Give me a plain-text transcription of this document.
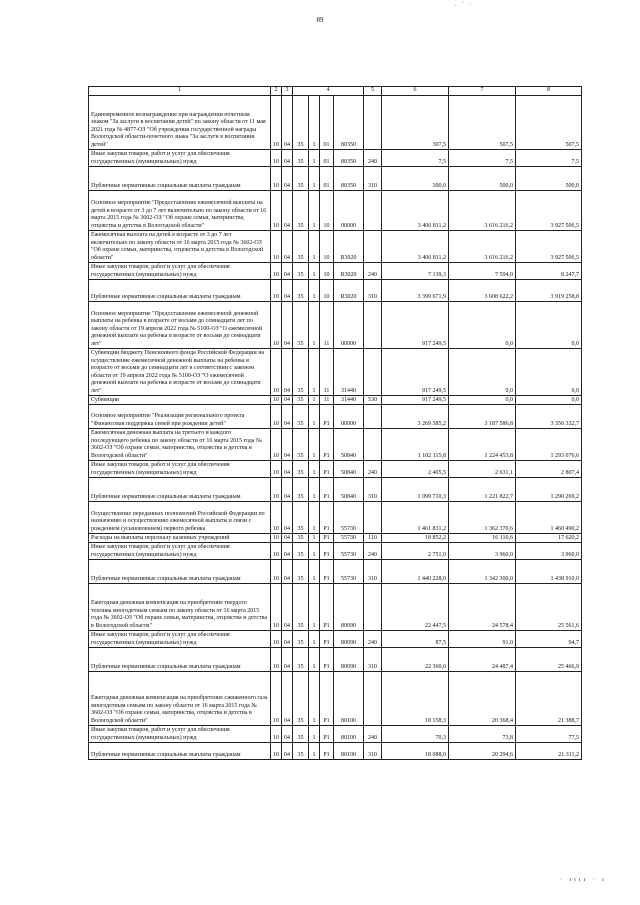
. ` ·
89
·
1	2	3	4				5	6	7	8
Единовременное вознаграждение при награждении почетным знаком "За заслуги в воспитании детей" по закону области от 11 мая 2021 года № 4877-ОЗ "Об учреждении государственной награды Вологодской области-почетного знака "За заслуги в воспитании детей"	10	04	35	1	01	80350		307,5	507,5	507,5
Иные закупки товаров, работ и услуг для обеспечения государственных (муниципальных) нужд	10	04	35	1	01	80350	240	7,5	7,5	7,5
Публичные нормативные социальные выплаты гражданам	10	04	35	1	01	80350	310	300,0	500,0	500,0
Основное мероприятие "Предоставление ежемесячной выплаты на детей в возрасте от 3 до 7 лет включительно по закону области от 16 марта 2015 года № 3602-ОЗ "Об охране семьи, материнства, отцовства и детства в Вологодской области"	10	04	35	1	10	00000		3 406 811,2	3 616 216,2	3 927 506,5
Ежемесячная выплата на детей в возрасте от 3 до 7 лет включительно по закону области от 16 марта 2015 года № 3602-ОЗ "Об охране семьи, материнства, отцовства и детства в Вологодской области"	10	04	35	1	10	R3020		3 406 811,2	3 616 216,2	3 927 506,5
Иные закупки товаров, работ и услуг для обеспечения государственных (муниципальных) нужд	10	04	35	1	10	R3020	240	7 139,3	7 594,0	8 247,7
Публичные нормативные социальные выплаты гражданам	10	04	35	1	10	R3020	310	3 399 671,9	3 608 622,2	3 919 258,8
Основное мероприятие "Предоставление ежемесячной денежной выплаты на ребенка в возрасте от восьми до семнадцати лет по закону области от 19 апреля 2022 года № 5100-ОЗ "О ежемесячной денежной выплате на ребенка в возрасте от восьми до семнадцати лет"	10	04	35	1	11	00000		917 249,5	0,0	0,0
Субвенции бюджету Пенсионного фонда Российской Федерации на осуществление ежемесячной денежной выплаты на ребенка в возрасте от восьми до семнадцати лет в соответствии с законом области от 19 апреля 2022 года № 5100-ОЗ "О ежемесячной денежной выплате на ребенка в возрасте от восьми до семнадцати лет"	10	04	35	1	11	31440		917 249,5	0,0	0,0
Субвенции	10	04	35	1	11	31440	530	917 249,5	0,0	0,0
Основное мероприятие "Реализация регионального проекта "Финансовая поддержка семей при рождении детей"	10	04	35	1	P1	00000		3 269 385,2	3 187 586,8	3 356 332,7
Ежемесячная денежная выплата на третьего и каждого последующего ребенка по закону области от 16 марта 2015 года № 3602-ОЗ "Об охране семьи, материнства, отцовства и детства в Вологодской области"	10	04	35	1	P1	50840		1 102 115,8	1 224 453,8	1 293 076,6
Иные закупки товаров, работ и услуг для обеспечения государственных (муниципальных) нужд	10	04	35	1	P1	50840	240	2 405,5	2 631,1	2 807,4
Публичные нормативные социальные выплаты гражданам	10	04	35	1	P1	50840	310	1 099 710,3	1 221 822,7	1 290 269,2
Осуществление переданных полномочий Российской Федерации по назначению и осуществлению ежемесячной выплаты в связи с рождением (усыновлением) первого ребенка	10	04	35	1	P1	55730		1 461 831,2	1 362 370,6	1 460 490,2
Расходы на выплаты персоналу казенных учреждений	10	04	35	1	P1	55730	110	18 852,2	16 110,6	17 620,2
Иные закупки товаров, работ и услуг для обеспечения государственных (муниципальных) нужд	10	04	35	1	P1	55730	240	2 751,0	3 960,0	3 960,0
Публичные нормативные социальные выплаты гражданам	10	04	35	1	P1	55730	310	1 440 228,0	1 342 300,0	1 438 910,0
Ежегодная денежная компенсация на приобретение твердого топлива многодетным семьям по закону области от 16 марта 2015 года № 3602-ОЗ "Об охране семьи, материнства, отцовства и детства в Вологодской области"	10	04	35	1	P1	80090		22 447,5	24 578,4	25 561,6
Иные закупки товаров, работ и услуг для обеспечения государственных (муниципальных) нужд	10	04	35	1	P1	80090	240	87,5	91,0	94,7
Публичные нормативные социальные выплаты гражданам	10	04	35	1	P1	80090	310	22 360,0	24 487,4	25 466,9
Ежегодная денежная компенсация на приобретение сжиженного газа многодетным семьям по закону области от 16 марта 2015 года № 3602-ОЗ "Об охране семьи, материнства, отцовства и детства в Вологодской области"	10	04	35	1	P1	80100		18 158,3	20 368,4	21 388,7
Иные закупки товаров, работ и услуг для обеспечения государственных (муниципальных) нужд	10	04	35	1	P1	80100	240	70,3	73,8	77,5
Публичные нормативные социальные выплаты гражданам	10	04	35	1	P1	80100	310	18 088,0	20 294,6	21 311,2
· ıııı · ı
